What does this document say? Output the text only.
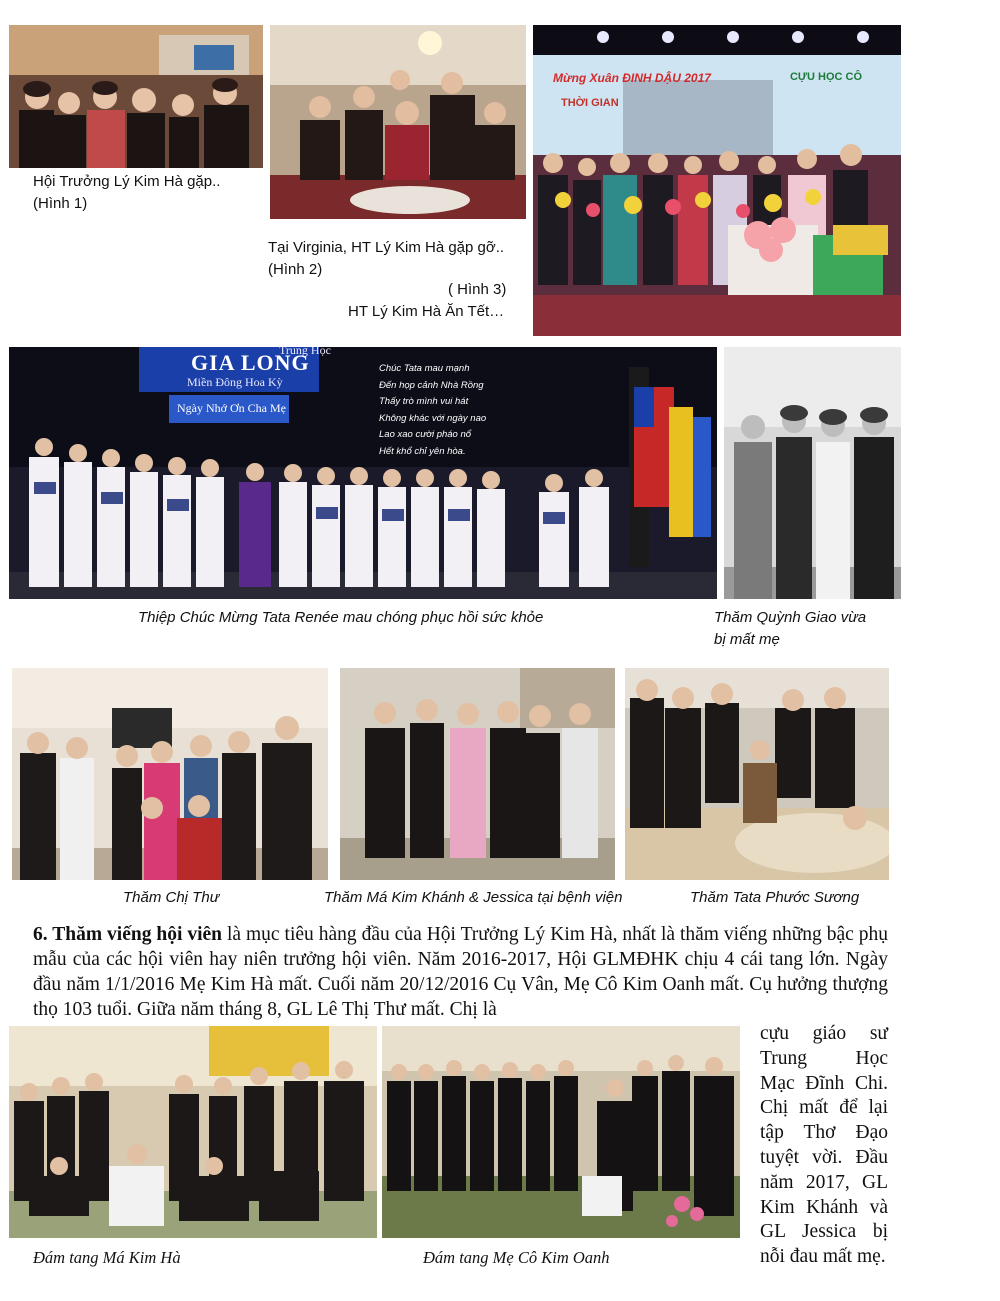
Hội Trưởng Lý Kim Hà gặp..
(Hình 1)
Tại Virginia, HT Lý Kim Hà gặp gỡ..
(Hình 2)
Mừng Xuân ĐINH DẬU 2017
THỜI GIAN
CỰU HỌC CÔ
( Hình 3)
HT Lý Kim Hà Ăn Tết…
Trung Học
GIA LONG
Miền Đông Hoa Kỳ
Ngày Nhớ Ơn Cha Mẹ
Chúc Tata mau mạnh
Đến họp cảnh Nhà Rồng
Thấy trò mình vui hát
Không khác với ngày nao
Lao xao cười pháo nổ
Hết khổ chỉ yên hòa.
Thiệp Chúc Mừng Tata Renée mau chóng phục hồi sức khỏe	Thăm Quỳnh Giao vừa
bị mất mẹ
Thăm Chị Thư	Thăm Má Kim Khánh & Jessica tại bệnh viện	Thăm Tata Phước Sương
6. Thăm viếng hội viên là mục tiêu hàng đầu của Hội Trưởng Lý Kim Hà, nhất là thăm viếng những bậc phụ mẫu của các hội viên hay niên trưởng hội viên. Năm 2016-2017, Hội GLMĐHK chịu 4 cái tang lớn. Ngày đầu năm 1/1/2016 Mẹ Kim Hà mất. Cuối năm 20/12/2016 Cụ Vân, Mẹ Cô Kim Oanh mất. Cụ hưởng thượng thọ 103 tuổi. Giữa năm tháng 8, GL Lê Thị Thư mất. Chị là
Đám tang Má Kim Hà	Đám tang Mẹ Cô Kim Oanh
cựu giáo sư
Trung Học
Mạc Đĩnh Chi.
Chị mất để lại
tập Thơ Đạo
tuyệt vời. Đầu
năm 2017, GL
Kim Khánh và
GL Jessica bị
nỗi đau mất mẹ.
